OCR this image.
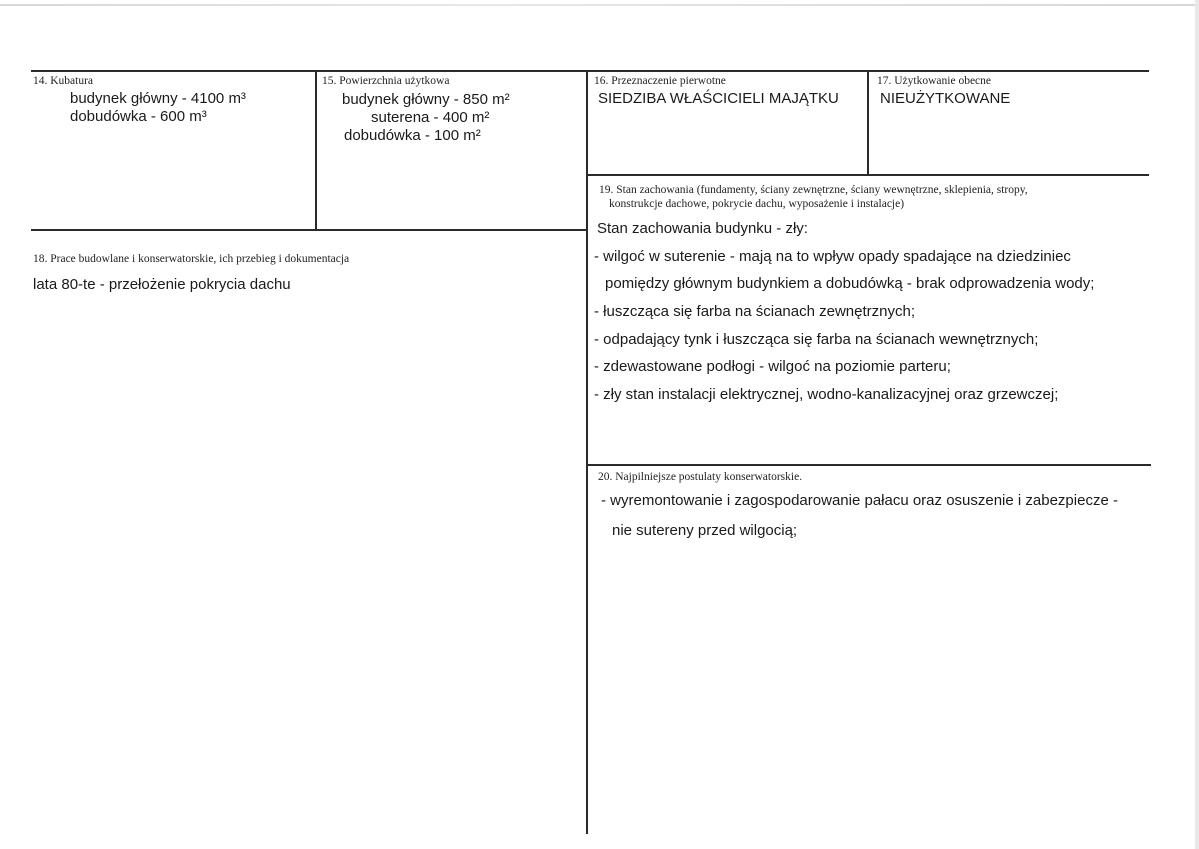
14. Kubatura
budynek główny - 4100 m³
dobudówka - 600 m³
15. Powierzchnia użytkowa
budynek główny - 850 m²
suterena - 400 m²
dobudówka - 100 m²
16. Przeznaczenie pierwotne
SIEDZIBA WŁAŚCICIELI MAJĄTKU
17. Użytkowanie obecne
NIEUŻYTKOWANE
18. Prace budowlane i konserwatorskie, ich przebieg i dokumentacja
lata 80-te - przełożenie pokrycia dachu
19. Stan zachowania (fundamenty, ściany zewnętrzne, ściany wewnętrzne, sklepienia, stropy,
konstrukcje dachowe, pokrycie dachu, wyposażenie i instalacje)
Stan zachowania budynku - zły:
- wilgoć w suterenie - mają na to wpływ opady spadające na dziedziniec
pomiędzy głównym budynkiem a dobudówką - brak odprowadzenia wody;
- łuszcząca się farba na ścianach zewnętrznych;
- odpadający tynk i łuszcząca się farba na ścianach wewnętrznych;
- zdewastowane podłogi - wilgoć na poziomie parteru;
- zły stan instalacji elektrycznej, wodno-kanalizacyjnej oraz grzewczej;
20. Najpilniejsze postulaty konserwatorskie.
- wyremontowanie i zagospodarowanie pałacu oraz osuszenie i zabezpiecze -
nie sutereny przed wilgocią;
